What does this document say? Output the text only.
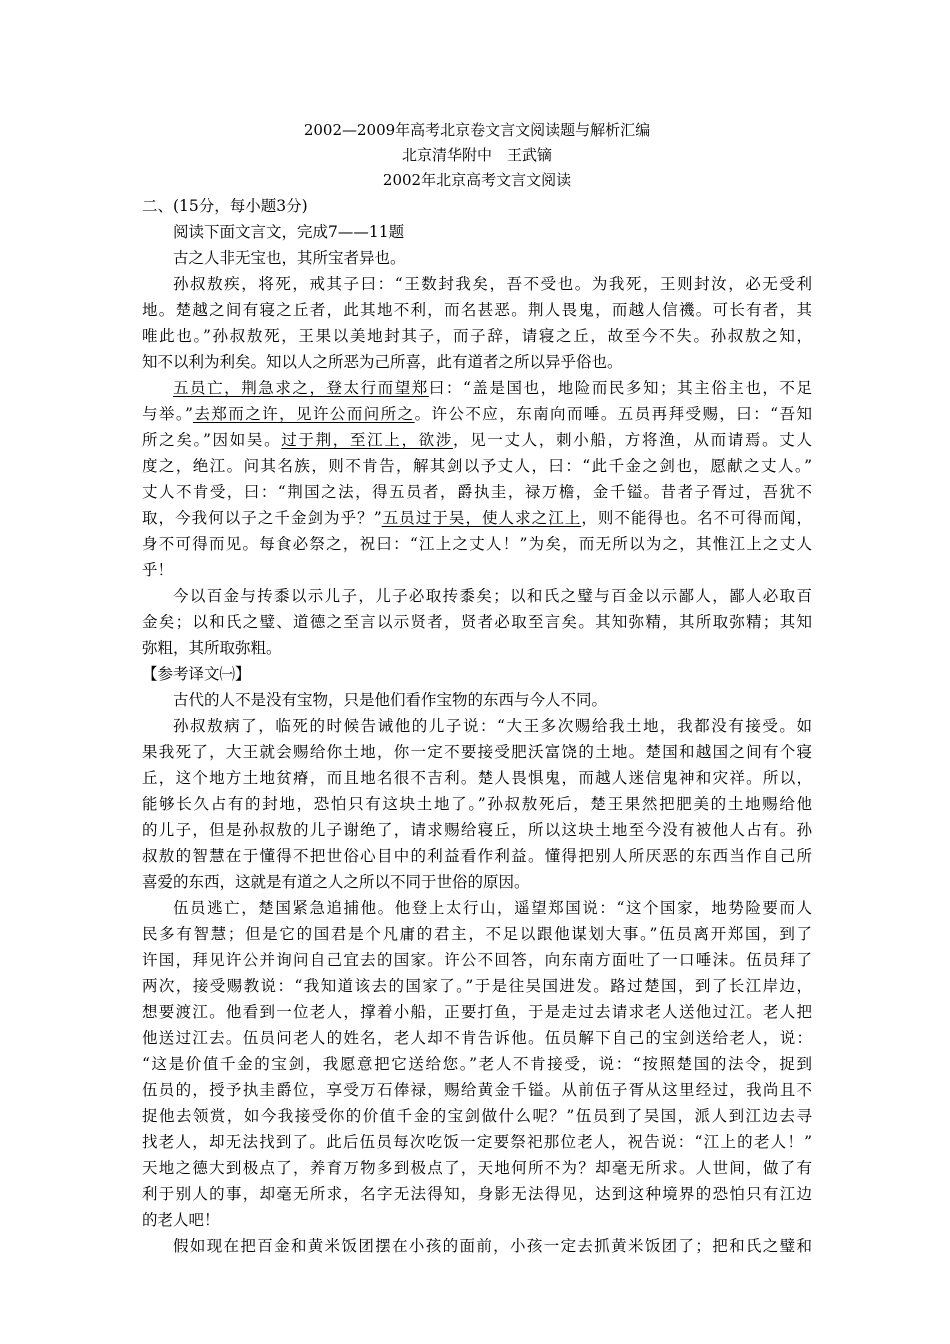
2002—2009年高考北京卷文言文阅读题与解析汇编
北京清华附中　王武镝
2002年北京高考文言文阅读
二、(15分，每小题3分)
阅读下面文言文，完成7——11题
古之人非无宝也，其所宝者异也。
孙叔敖疾，将死，戒其子曰：“王数封我矣，吾不受也。为我死，王则封汝，必无受利
地。楚越之间有寝之丘者，此其地不利，而名甚恶。荆人畏鬼，而越人信禨。可长有者，其
唯此也。”孙叔敖死，王果以美地封其子，而子辞，请寝之丘，故至今不失。孙叔敖之知，
知不以利为利矣。知以人之所恶为己所喜，此有道者之所以异乎俗也。
五员亡，荆急求之，登太行而望郑曰：“盖是国也，地险而民多知；其主俗主也，不足
与举。”去郑而之许，见许公而问所之。许公不应，东南向而唾。五员再拜受赐，曰：“吾知
所之矣。”因如吴。过于荆，至江上，欲涉，见一丈人，刺小船，方将渔，从而请焉。丈人
度之，绝江。问其名族，则不肯告，解其剑以予丈人，曰：“此千金之剑也，愿献之丈人。”
丈人不肯受，曰：“荆国之法，得五员者，爵执圭，禄万檐，金千镒。昔者子胥过，吾犹不
取，今我何以子之千金剑为乎？”五员过于吴，使人求之江上，则不能得也。名不可得而闻，
身不可得而见。每食必祭之，祝曰：“江上之丈人！”为矣，而无所以为之，其惟江上之丈人
乎！
今以百金与抟黍以示儿子，儿子必取抟黍矣；以和氏之璧与百金以示鄙人，鄙人必取百
金矣；以和氏之璧、道德之至言以示贤者，贤者必取至言矣。其知弥精，其所取弥精；其知
弥粗，其所取弥粗。
【参考译文㈠】
古代的人不是没有宝物，只是他们看作宝物的东西与今人不同。
孙叔敖病了，临死的时候告诫他的儿子说：“大王多次赐给我土地，我都没有接受。如
果我死了，大王就会赐给你土地，你一定不要接受肥沃富饶的土地。楚国和越国之间有个寝
丘，这个地方土地贫瘠，而且地名很不吉利。楚人畏惧鬼，而越人迷信鬼神和灾祥。所以，
能够长久占有的封地，恐怕只有这块土地了。”孙叔敖死后，楚王果然把肥美的土地赐给他
的儿子，但是孙叔敖的儿子谢绝了，请求赐给寝丘，所以这块土地至今没有被他人占有。孙
叔敖的智慧在于懂得不把世俗心目中的利益看作利益。懂得把别人所厌恶的东西当作自己所
喜爱的东西，这就是有道之人之所以不同于世俗的原因。
伍员逃亡，楚国紧急追捕他。他登上太行山，遥望郑国说：“这个国家，地势险要而人
民多有智慧；但是它的国君是个凡庸的君主，不足以跟他谋划大事。”伍员离开郑国，到了
许国，拜见许公并询问自己宜去的国家。许公不回答，向东南方面吐了一口唾沫。伍员拜了
两次，接受赐教说：“我知道该去的国家了。”于是往吴国进发。路过楚国，到了长江岸边，
想要渡江。他看到一位老人，撑着小船，正要打鱼，于是走过去请求老人送他过江。老人把
他送过江去。伍员问老人的姓名，老人却不肯告诉他。伍员解下自己的宝剑送给老人，说：
“这是价值千金的宝剑，我愿意把它送给您。”老人不肯接受，说：“按照楚国的法令，捉到
伍员的，授予执圭爵位，享受万石俸禄，赐给黄金千镒。从前伍子胥从这里经过，我尚且不
捉他去领赏，如今我接受你的价值千金的宝剑做什么呢？”伍员到了吴国，派人到江边去寻
找老人，却无法找到了。此后伍员每次吃饭一定要祭祀那位老人，祝告说：“江上的老人！”
天地之德大到极点了，养育万物多到极点了，天地何所不为？却毫无所求。人世间，做了有
利于别人的事，却毫无所求，名字无法得知，身影无法得见，达到这种境界的恐怕只有江边
的老人吧！
假如现在把百金和黄米饭团摆在小孩的面前，小孩一定去抓黄米饭团了；把和氏之璧和
